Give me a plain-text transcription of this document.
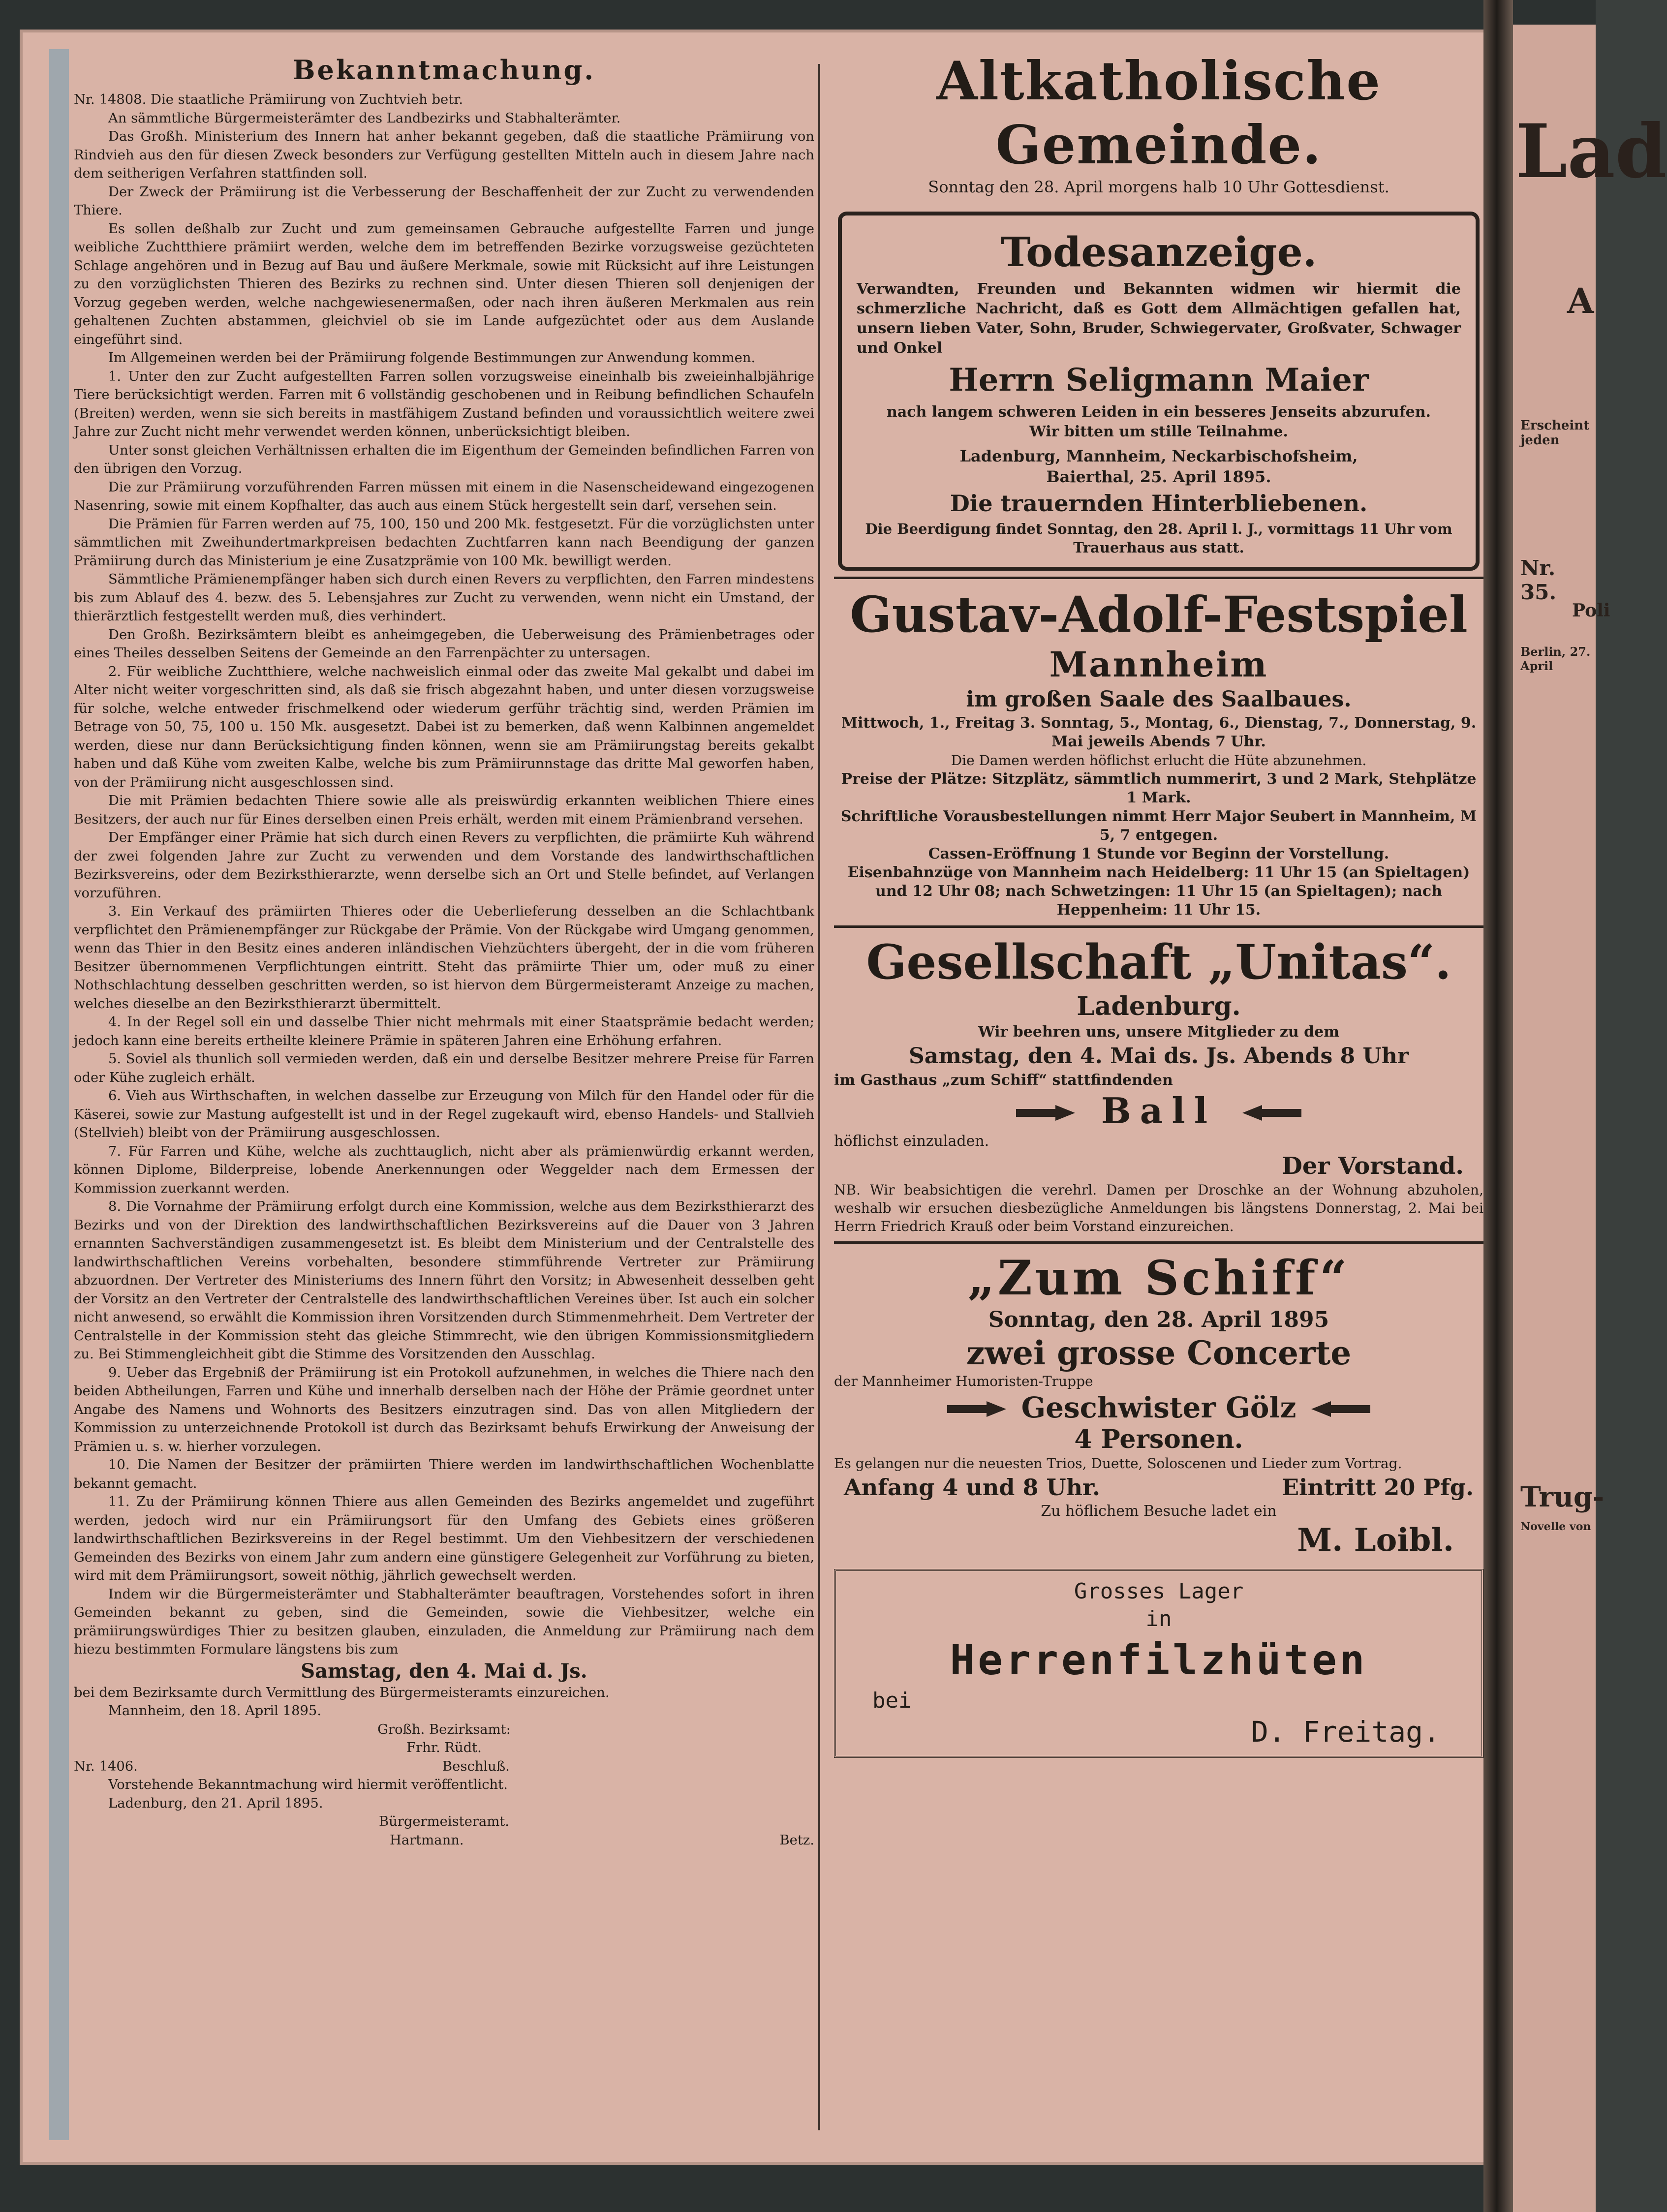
Lad
A
Erscheint jeden
Nr. 35.
Poli
Berlin, 27. April
Trug-
Novelle von
Bekanntmachung.

Nr. 14808. Die staatliche Prämiirung von Zuchtvieh betr.

An sämmtliche Bürgermeisterämter des Landbezirks und Stabhalterämter.

Das Großh. Ministerium des Innern hat anher bekannt gegeben, daß die staatliche Prämiirung von Rindvieh aus den für diesen Zweck besonders zur Verfügung gestellten Mitteln auch in diesem Jahre nach dem seitherigen Verfahren stattfinden soll.

Der Zweck der Prämiirung ist die Verbesserung der Beschaffenheit der zur Zucht zu verwendenden Thiere.

Es sollen deßhalb zur Zucht und zum gemeinsamen Gebrauche aufgestellte Farren und junge weibliche Zuchtthiere prämiirt werden, welche dem im betreffenden Bezirke vorzugsweise gezüchteten Schlage angehören und in Bezug auf Bau und äußere Merkmale, sowie mit Rücksicht auf ihre Leistungen zu den vorzüglichsten Thieren des Bezirks zu rechnen sind. Unter diesen Thieren soll denjenigen der Vorzug gegeben werden, welche nachgewiesenermaßen, oder nach ihren äußeren Merkmalen aus rein gehaltenen Zuchten abstammen, gleichviel ob sie im Lande aufgezüchtet oder aus dem Auslande eingeführt sind.

Im Allgemeinen werden bei der Prämiirung folgende Bestimmungen zur Anwendung kommen.

1. Unter den zur Zucht aufgestellten Farren sollen vorzugsweise eineinhalb bis zweieinhalbjährige Tiere berücksichtigt werden. Farren mit 6 vollständig geschobenen und in Reibung befindlichen Schaufeln (Breiten) werden, wenn sie sich bereits in mastfähigem Zustand befinden und voraussichtlich weitere zwei Jahre zur Zucht nicht mehr verwendet werden können, unberücksichtigt bleiben.

Unter sonst gleichen Verhältnissen erhalten die im Eigenthum der Gemeinden befindlichen Farren von den übrigen den Vorzug.

Die zur Prämiirung vorzuführenden Farren müssen mit einem in die Nasenscheidewand eingezogenen Nasenring, sowie mit einem Kopfhalter, das auch aus einem Stück hergestellt sein darf, versehen sein.

Die Prämien für Farren werden auf 75, 100, 150 und 200 Mk. festgesetzt. Für die vorzüglichsten unter sämmtlichen mit Zweihundertmarkpreisen bedachten Zuchtfarren kann nach Beendigung der ganzen Prämiirung durch das Ministerium je eine Zusatzprämie von 100 Mk. bewilligt werden.

Sämmtliche Prämienempfänger haben sich durch einen Revers zu verpflichten, den Farren mindestens bis zum Ablauf des 4. bezw. des 5. Lebensjahres zur Zucht zu verwenden, wenn nicht ein Umstand, der thierärztlich festgestellt werden muß, dies verhindert.

Den Großh. Bezirksämtern bleibt es anheimgegeben, die Ueberweisung des Prämienbetrages oder eines Theiles desselben Seitens der Gemeinde an den Farrenpächter zu untersagen.

2. Für weibliche Zuchtthiere, welche nachweislich einmal oder das zweite Mal gekalbt und dabei im Alter nicht weiter vorgeschritten sind, als daß sie frisch abgezahnt haben, und unter diesen vorzugsweise für solche, welche entweder frischmelkend oder wiederum gerführ trächtig sind, werden Prämien im Betrage von 50, 75, 100 u. 150 Mk. ausgesetzt. Dabei ist zu bemerken, daß wenn Kalbinnen angemeldet werden, diese nur dann Berücksichtigung finden können, wenn sie am Prämiirungstag bereits gekalbt haben und daß Kühe vom zweiten Kalbe, welche bis zum Prämiirunnstage das dritte Mal geworfen haben, von der Prämiirung nicht ausgeschlossen sind.

Die mit Prämien bedachten Thiere sowie alle als preiswürdig erkannten weiblichen Thiere eines Besitzers, der auch nur für Eines derselben einen Preis erhält, werden mit einem Prämienbrand versehen.

Der Empfänger einer Prämie hat sich durch einen Revers zu verpflichten, die prämiirte Kuh während der zwei folgenden Jahre zur Zucht zu verwenden und dem Vorstande des landwirthschaftlichen Bezirksvereins, oder dem Bezirksthierarzte, wenn derselbe sich an Ort und Stelle befindet, auf Verlangen vorzuführen.

3. Ein Verkauf des prämiirten Thieres oder die Ueberlieferung desselben an die Schlachtbank verpflichtet den Prämienempfänger zur Rückgabe der Prämie. Von der Rückgabe wird Umgang genommen, wenn das Thier in den Besitz eines anderen inländischen Viehzüchters übergeht, der in die vom früheren Besitzer übernommenen Verpflichtungen eintritt. Steht das prämiirte Thier um, oder muß zu einer Nothschlachtung desselben geschritten werden, so ist hiervon dem Bürgermeisteramt Anzeige zu machen, welches dieselbe an den Bezirksthierarzt übermittelt.

4. In der Regel soll ein und dasselbe Thier nicht mehrmals mit einer Staatsprämie bedacht werden; jedoch kann eine bereits ertheilte kleinere Prämie in späteren Jahren eine Erhöhung erfahren.

5. Soviel als thunlich soll vermieden werden, daß ein und derselbe Besitzer mehrere Preise für Farren oder Kühe zugleich erhält.

6. Vieh aus Wirthschaften, in welchen dasselbe zur Erzeugung von Milch für den Handel oder für die Käserei, sowie zur Mastung aufgestellt ist und in der Regel zugekauft wird, ebenso Handels- und Stallvieh (Stellvieh) bleibt von der Prämiirung ausgeschlossen.

7. Für Farren und Kühe, welche als zuchttauglich, nicht aber als prämienwürdig erkannt werden, können Diplome, Bilderpreise, lobende Anerkennungen oder Weggelder nach dem Ermessen der Kommission zuerkannt werden.

8. Die Vornahme der Prämiirung erfolgt durch eine Kommission, welche aus dem Bezirksthierarzt des Bezirks und von der Direktion des landwirthschaftlichen Bezirksvereins auf die Dauer von 3 Jahren ernannten Sachverständigen zusammengesetzt ist. Es bleibt dem Ministerium und der Centralstelle des landwirthschaftlichen Vereins vorbehalten, besondere stimmführende Vertreter zur Prämiirung abzuordnen. Der Vertreter des Ministeriums des Innern führt den Vorsitz; in Abwesenheit desselben geht der Vorsitz an den Vertreter der Centralstelle des landwirthschaftlichen Vereines über. Ist auch ein solcher nicht anwesend, so erwählt die Kommission ihren Vorsitzenden durch Stimmenmehrheit. Dem Vertreter der Centralstelle in der Kommission steht das gleiche Stimmrecht, wie den übrigen Kommissionsmitgliedern zu. Bei Stimmengleichheit gibt die Stimme des Vorsitzenden den Ausschlag.

9. Ueber das Ergebniß der Prämiirung ist ein Protokoll aufzunehmen, in welches die Thiere nach den beiden Abtheilungen, Farren und Kühe und innerhalb derselben nach der Höhe der Prämie geordnet unter Angabe des Namens und Wohnorts des Besitzers einzutragen sind. Das von allen Mitgliedern der Kommission zu unterzeichnende Protokoll ist durch das Bezirksamt behufs Erwirkung der Anweisung der Prämien u. s. w. hierher vorzulegen.

10. Die Namen der Besitzer der prämiirten Thiere werden im landwirthschaftlichen Wochenblatte bekannt gemacht.

11. Zu der Prämiirung können Thiere aus allen Gemeinden des Bezirks angemeldet und zugeführt werden, jedoch wird nur ein Prämiirungsort für den Umfang des Gebiets eines größeren landwirthschaftlichen Bezirksvereins in der Regel bestimmt. Um den Viehbesitzern der verschiedenen Gemeinden des Bezirks von einem Jahr zum andern eine günstigere Gelegenheit zur Vorführung zu bieten, wird mit dem Prämiirungsort, soweit nöthig, jährlich gewechselt werden.

Indem wir die Bürgermeisterämter und Stabhalterämter beauftragen, Vorstehendes sofort in ihren Gemeinden bekannt zu geben, sind die Gemeinden, sowie die Viehbesitzer, welche ein prämiirungswürdiges Thier zu besitzen glauben, einzuladen, die Anmeldung zur Prämiirung nach dem hiezu bestimmten Formulare längstens bis zum

Samstag, den 4. Mai d. Js.

bei dem Bezirksamte durch Vermittlung des Bürgermeisteramts einzureichen.

Mannheim, den 18. April 1895.

Großh. Bezirksamt:

Frhr. Rüdt.

Nr. 1406.	Beschluß.

Vorstehende Bekanntmachung wird hiermit veröffentlicht.

Ladenburg, den 21. April 1895.

Bürgermeisteramt.

Hartmann.	Betz.

Altkatholische Gemeinde.
Sonntag den 28. April morgens halb 10 Uhr Gottesdienst.

Todesanzeige.

Verwandten, Freunden und Bekannten widmen wir hiermit die schmerzliche Nachricht, daß es Gott dem Allmächtigen gefallen hat, unsern lieben Vater, Sohn, Bruder, Schwiegervater, Großvater, Schwager und Onkel

Herrn Seligmann Maier

nach langem schweren Leiden in ein besseres Jenseits abzurufen.

Wir bitten um stille Teilnahme.

Ladenburg, Mannheim, Neckarbischofsheim,

Baierthal, 25. April 1895.

Die trauernden Hinterbliebenen.

Die Beerdigung findet Sonntag, den 28. April l. J., vormittags 11 Uhr vom Trauerhaus aus statt.

Gustav-Adolf-Festspiel

Mannheim

im großen Saale des Saalbaues.

Mittwoch, 1., Freitag 3. Sonntag, 5., Montag, 6., Dienstag, 7., Donnerstag, 9. Mai jeweils Abends 7 Uhr.

Die Damen werden höflichst erlucht die Hüte abzunehmen.

Preise der Plätze: Sitzplätz, sämmtlich nummerirt, 3 und 2 Mark, Stehplätze 1 Mark.

Schriftliche Vorausbestellungen nimmt Herr Major Seubert in Mannheim, M 5, 7 entgegen.

Cassen-Eröffnung 1 Stunde vor Beginn der Vorstellung.

Eisenbahnzüge von Mannheim nach Heidelberg: 11 Uhr 15 (an Spieltagen) und 12 Uhr 08; nach Schwetzingen: 11 Uhr 15 (an Spieltagen); nach Heppenheim: 11 Uhr 15.

Gesellschaft „Unitas“.

Ladenburg.

Wir beehren uns, unsere Mitglieder zu dem

Samstag, den 4. Mai ds. Js. Abends 8 Uhr

im Gasthaus „zum Schiff“ stattfindenden

Ball

höflichst einzuladen.

Der Vorstand.

NB. Wir beabsichtigen die verehrl. Damen per Droschke an der Wohnung abzuholen, weshalb wir ersuchen diesbezügliche Anmeldungen bis längstens Donnerstag, 2. Mai bei Herrn Friedrich Krauß oder beim Vorstand einzureichen.

„Zum Schiff“

Sonntag, den 28. April 1895

zwei grosse Concerte

der Mannheimer Humoristen-Truppe

Geschwister Gölz

4 Personen.

Es gelangen nur die neuesten Trios, Duette, Soloscenen und Lieder zum Vortrag.

Anfang 4 und 8 Uhr.	Eintritt 20 Pfg.

Zu höflichem Besuche ladet ein

M. Loibl.

Grosses Lager

in

Herrenfilzhüten

bei

D. Freitag.
